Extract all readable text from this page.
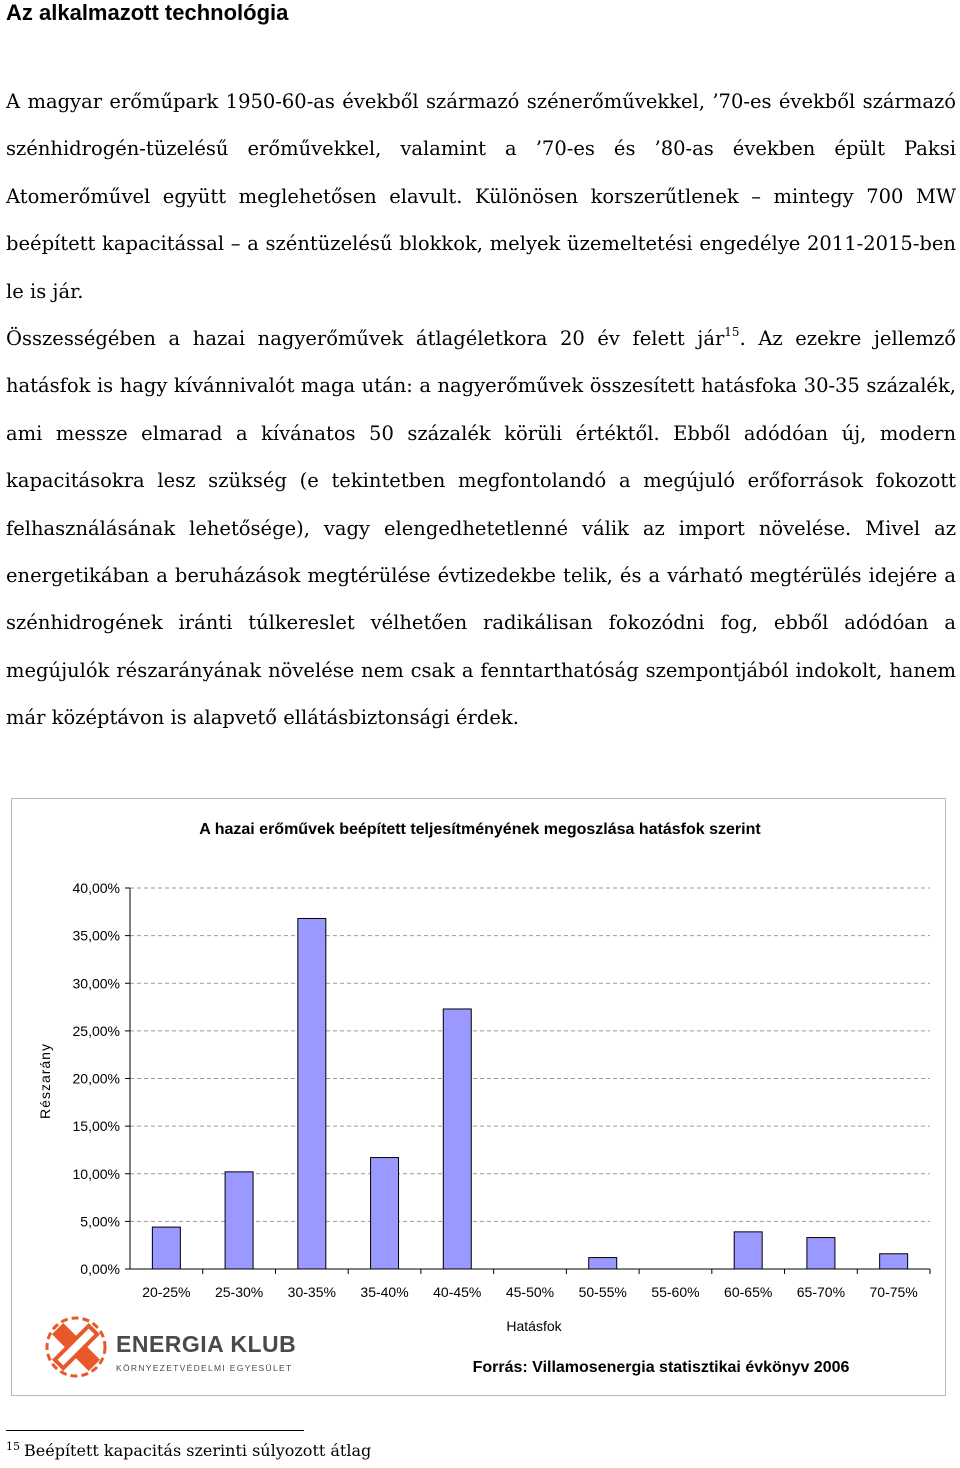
Az alkalmazott technológia

A magyar erőműpark 1950-60-as évekből származó szénerőművekkel, ’70-es évekből származó szénhidrogén-tüzelésű erőművekkel, valamint a ’70-es és ’80-as években épült Paksi Atomerőművel együtt meglehetősen elavult. Különösen korszerűtlenek – mintegy 700 MW beépített kapacitással – a széntüzelésű blokkok, melyek üzemeltetési engedélye 2011-2015-ben le is jár.

Összességében a hazai nagyerőművek átlagéletkora 20 év felett jár$^{15}$. Az ezekre jellemző hatásfok is hagy kívánnivalót maga után: a nagyerőművek összesített hatásfoka 30-35 százalék, ami messze elmarad a kívánatos 50 százalék körüli értéktől. Ebből adódóan új, modern kapacitásokra lesz szükség (e tekintetben megfontolandó a megújuló erőforrások fokozott felhasználásának lehetősége), vagy elengedhetetlenné válik az import növelése. Mivel az energetikában a beruházások megtérülése évtizedekbe telik, és a várható megtérülés idejére a szénhidrogének iránti túlkereslet vélhetően radikálisan fokozódni fog, ebből adódóan a megújulók részarányának növelése nem csak a fenntarthatóság szempontjából indokolt, hanem már középtávon is alapvető ellátásbiztonsági érdek.

A hazai erőművek beépített teljesítményének megoszlása hatásfok szerint
0,00%
5,00%
10,00%
15,00%
20,00%
25,00%
30,00%
35,00%
40,00%
20-25% 25-30% 30-35% 35-40% 40-45% 45-50% 50-55% 55-60% 60-65% 65-70% 70-75%
Részarány
Hatásfok
ENERGIA KLUB
KÖRNYEZETVÉDELMI EGYESÜLET	Forrás: Villamosenergia statisztikai évkönyv 2006
$^{15}$ Beépített kapacitás szerinti súlyozott átlag
